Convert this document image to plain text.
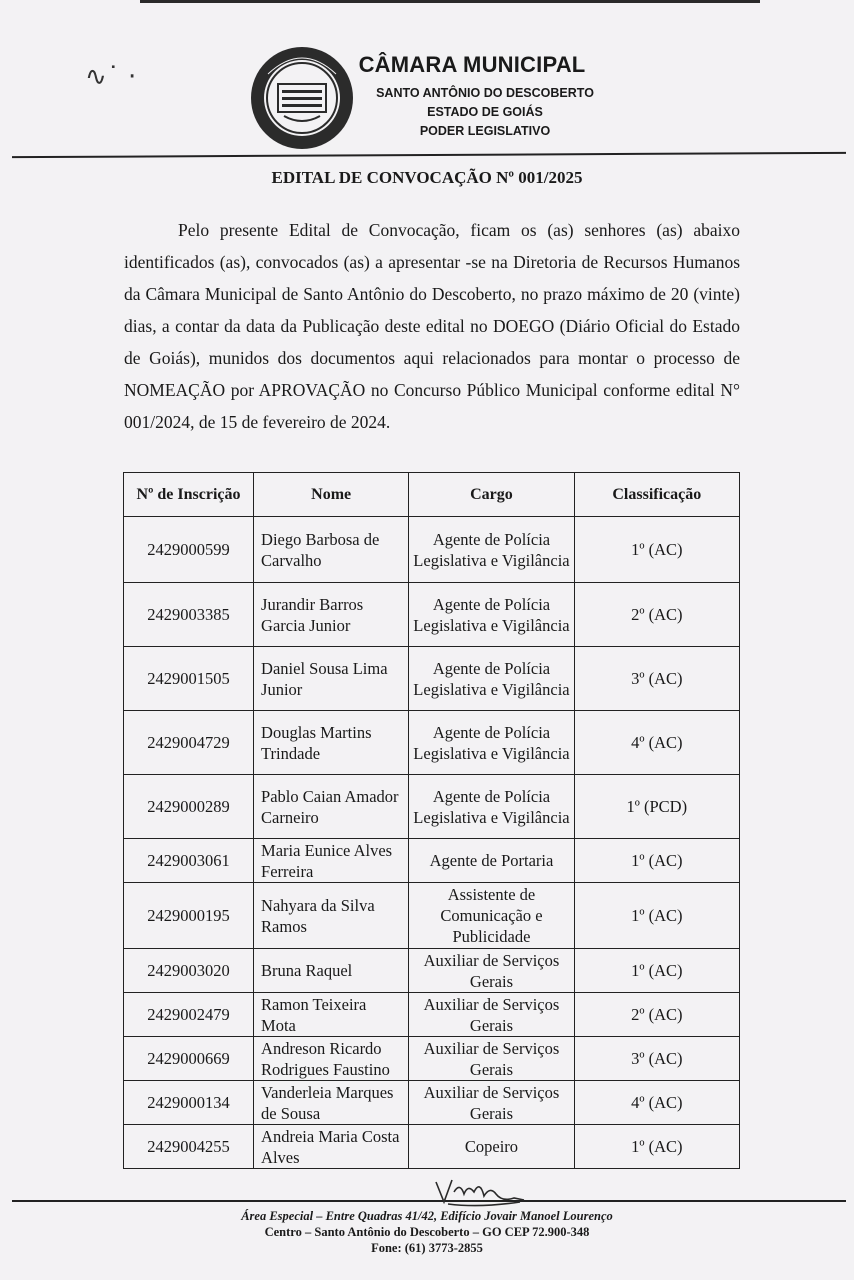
∿˙ ·	CÂMARA MUNICIPAL
SANTO ANTÔNIO DO DESCOBERTO
ESTADO DE GOIÁS
PODER LEGISLATIVO
EDITAL DE CONVOCAÇÃO Nº 001/2025
Pelo presente Edital de Convocação, ficam os (as) senhores (as) abaixo identificados (as), convocados (as) a apresentar -se na Diretoria de Recursos Humanos da Câmara Municipal de Santo Antônio do Descoberto, no prazo máximo de 20 (vinte) dias, a contar da data da Publicação deste edital no DOEGO (Diário Oficial do Estado de Goiás), munidos dos documentos aqui relacionados para montar o processo de NOMEAÇÃO por APROVAÇÃO no Concurso Público Municipal conforme edital N° 001/2024, de 15 de fevereiro de 2024.
Nº de Inscrição	Nome	Cargo	Classificação
2429000599	Diego Barbosa de Carvalho	Agente de Polícia Legislativa e Vigilância	1º (AC)
2429003385	Jurandir Barros Garcia Junior	Agente de Polícia Legislativa e Vigilância	2º (AC)
2429001505	Daniel Sousa Lima Junior	Agente de Polícia Legislativa e Vigilância	3º (AC)
2429004729	Douglas Martins Trindade	Agente de Polícia Legislativa e Vigilância	4º (AC)
2429000289	Pablo Caian Amador Carneiro	Agente de Polícia Legislativa e Vigilância	1º (PCD)
2429003061	Maria Eunice Alves Ferreira	Agente de Portaria	1º (AC)
2429000195	Nahyara da Silva Ramos	Assistente de Comunicação e Publicidade	1º (AC)
2429003020	Bruna Raquel	Auxiliar de Serviços Gerais	1º (AC)
2429002479	Ramon Teixeira Mota	Auxiliar de Serviços Gerais	2º (AC)
2429000669	Andreson Ricardo Rodrigues Faustino	Auxiliar de Serviços Gerais	3º (AC)
2429000134	Vanderleia Marques de Sousa	Auxiliar de Serviços Gerais	4º (AC)
2429004255	Andreia Maria Costa Alves	Copeiro	1º (AC)
Área Especial – Entre Quadras 41/42, Edifício Jovair Manoel Lourenço
Centro – Santo Antônio do Descoberto – GO CEP 72.900-348
Fone: (61) 3773-2855
